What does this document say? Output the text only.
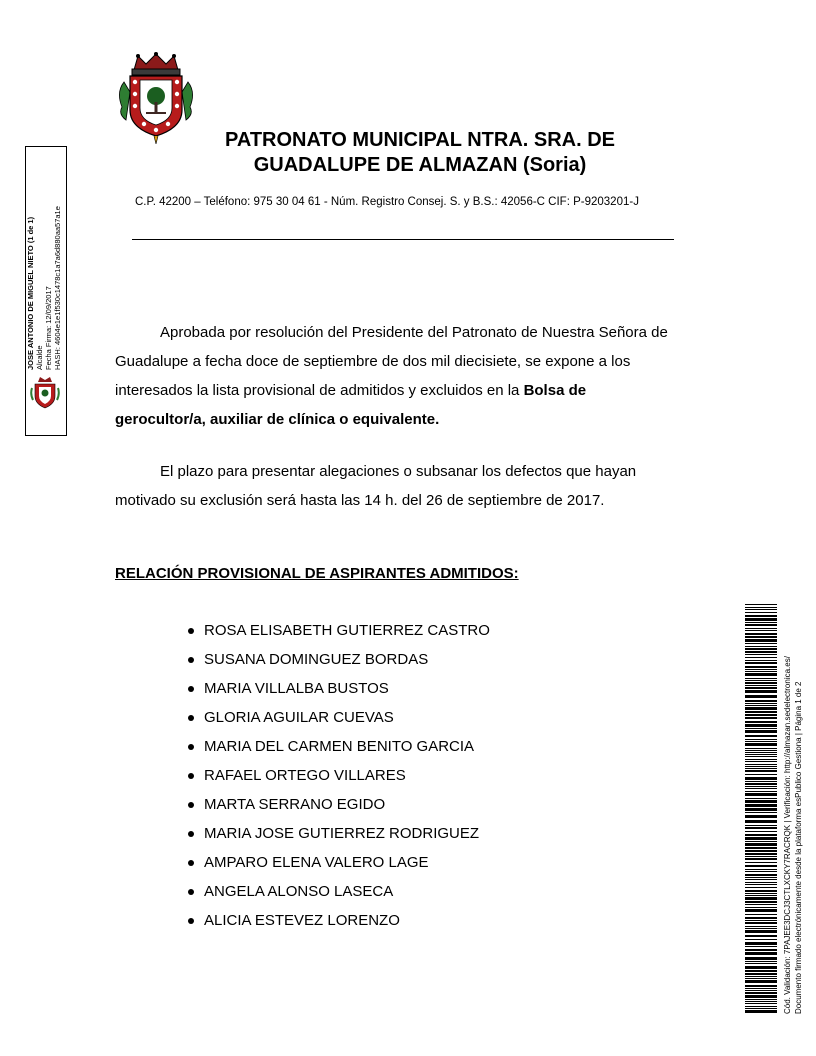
PATRONATO MUNICIPAL NTRA. SRA. DE
GUADALUPE DE ALMAZAN (Soria)
C.P. 42200 – Teléfono: 975 30 04 61 - Núm. Registro Consej. S. y B.S.: 42056-C CIF: P-9203201-J
Aprobada por resolución del Presidente del Patronato de Nuestra Señora de
Guadalupe a fecha doce de septiembre de dos mil diecisiete, se expone a los
interesados la lista provisional de admitidos y excluidos en la Bolsa de
gerocultor/a, auxiliar de clínica o equivalente.
El plazo para presentar alegaciones o subsanar los defectos que hayan
motivado su exclusión será hasta las 14 h. del 26 de septiembre de 2017.
RELACIÓN PROVISIONAL DE ASPIRANTES ADMITIDOS:
ROSA ELISABETH GUTIERREZ CASTRO
SUSANA DOMINGUEZ BORDAS
MARIA VILLALBA BUSTOS
GLORIA AGUILAR CUEVAS
MARIA DEL CARMEN BENITO GARCIA
RAFAEL ORTEGO VILLARES
MARTA SERRANO EGIDO
MARIA JOSE GUTIERREZ RODRIGUEZ
AMPARO ELENA VALERO LAGE
ANGELA ALONSO LASECA
ALICIA ESTEVEZ LORENZO
JOSE ANTONIO DE MIGUEL NIETO (1 de 1) Alcalde Fecha Firma: 12/09/2017 HASH: 4604e1e1f530c1478c1a7a6d880aa57a1e
Cód. Validación: 7PAJEE3DCJ3CTLXCKY7RACRQK | Verificación: http://almazan.sedelectronica.es/ Documento firmado electrónicamente desde la plataforma esPublico Gestiona | Página 1 de 2
